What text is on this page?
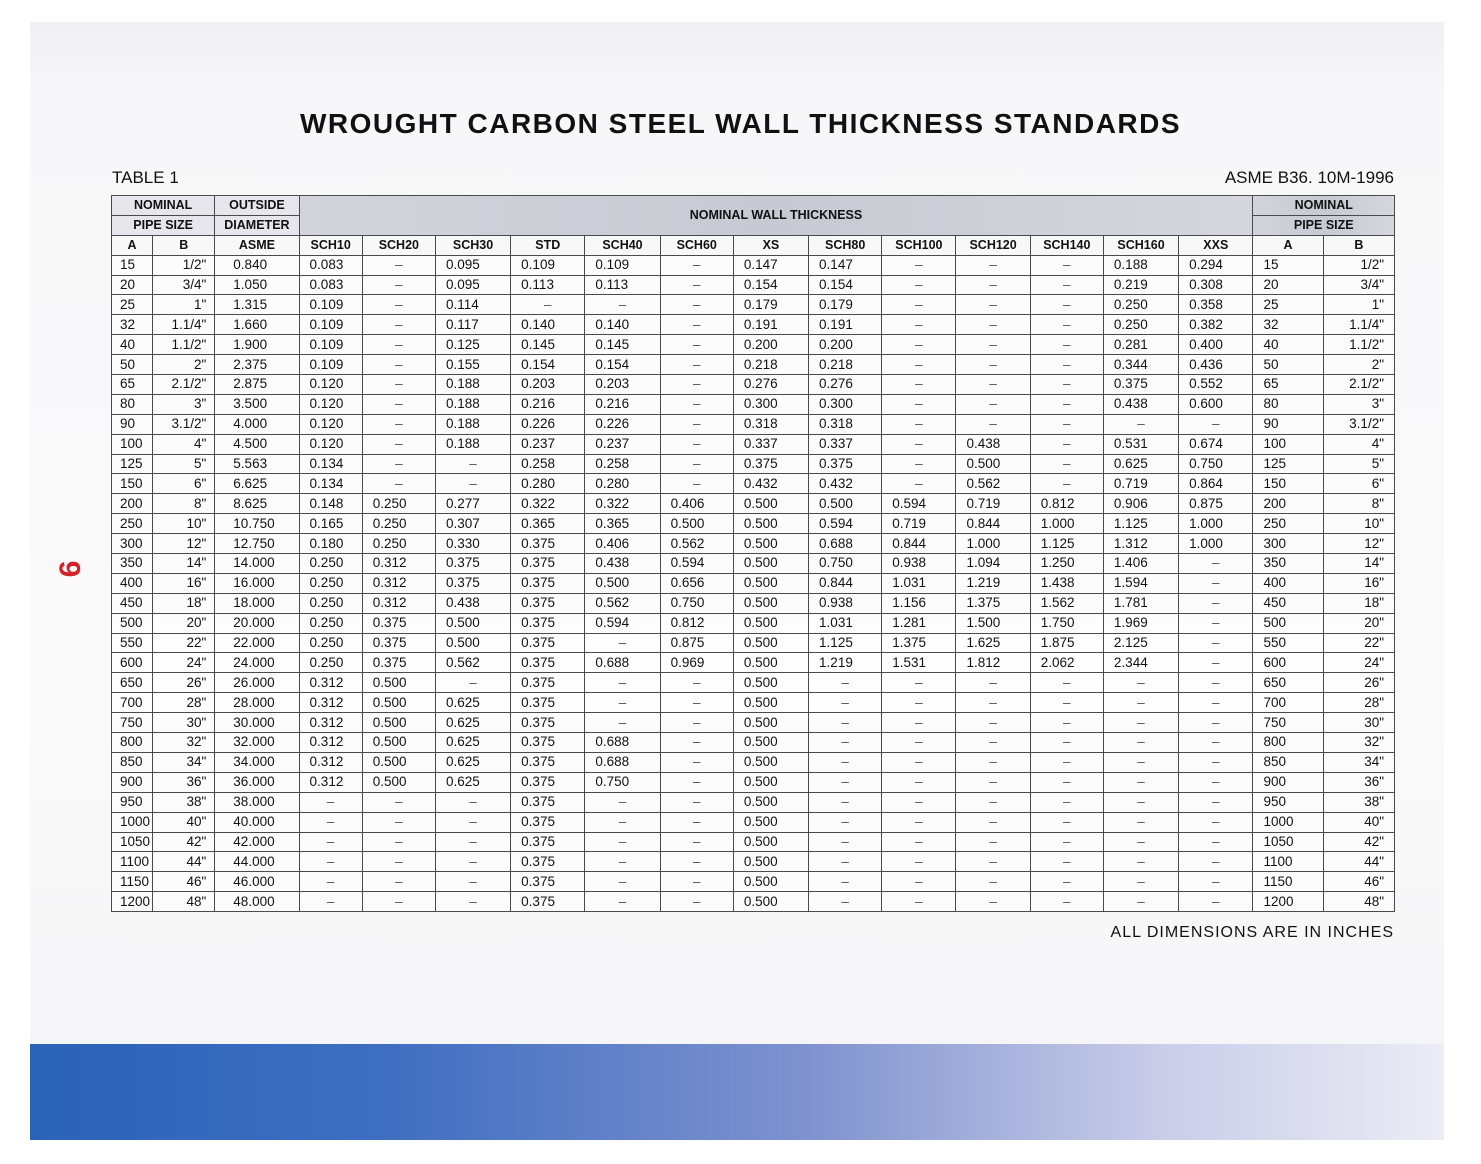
WROUGHT CARBON STEEL WALL THICKNESS STANDARDS
TABLE 1	ASME B36. 10M-1996
9
NOMINAL		OUTSIDE	NOMINAL WALL THICKNESS													NOMINAL	
PIPE SIZE		DIAMETER														PIPE SIZE	
A	B	ASME	SCH10	SCH20	SCH30	STD	SCH40	SCH60	XS	SCH80	SCH100	SCH120	SCH140	SCH160	XXS	A	B
15	1/2"	0.840	0.083	–	0.095	0.109	0.109	–	0.147	0.147	–	–	–	0.188	0.294	15	1/2"
20	3/4"	1.050	0.083	–	0.095	0.113	0.113	–	0.154	0.154	–	–	–	0.219	0.308	20	3/4"
25	1"	1.315	0.109	–	0.114	–	–	–	0.179	0.179	–	–	–	0.250	0.358	25	1"
32	1.1/4"	1.660	0.109	–	0.117	0.140	0.140	–	0.191	0.191	–	–	–	0.250	0.382	32	1.1/4"
40	1.1/2"	1.900	0.109	–	0.125	0.145	0.145	–	0.200	0.200	–	–	–	0.281	0.400	40	1.1/2"
50	2"	2.375	0.109	–	0.155	0.154	0.154	–	0.218	0.218	–	–	–	0.344	0.436	50	2"
65	2.1/2"	2.875	0.120	–	0.188	0.203	0.203	–	0.276	0.276	–	–	–	0.375	0.552	65	2.1/2"
80	3"	3.500	0.120	–	0.188	0.216	0.216	–	0.300	0.300	–	–	–	0.438	0.600	80	3"
90	3.1/2"	4.000	0.120	–	0.188	0.226	0.226	–	0.318	0.318	–	–	–	–	–	90	3.1/2"
100	4"	4.500	0.120	–	0.188	0.237	0.237	–	0.337	0.337	–	0.438	–	0.531	0.674	100	4"
125	5"	5.563	0.134	–	–	0.258	0.258	–	0.375	0.375	–	0.500	–	0.625	0.750	125	5"
150	6"	6.625	0.134	–	–	0.280	0.280	–	0.432	0.432	–	0.562	–	0.719	0.864	150	6"
200	8"	8.625	0.148	0.250	0.277	0.322	0.322	0.406	0.500	0.500	0.594	0.719	0.812	0.906	0.875	200	8"
250	10"	10.750	0.165	0.250	0.307	0.365	0.365	0.500	0.500	0.594	0.719	0.844	1.000	1.125	1.000	250	10"
300	12"	12.750	0.180	0.250	0.330	0.375	0.406	0.562	0.500	0.688	0.844	1.000	1.125	1.312	1.000	300	12"
350	14"	14.000	0.250	0.312	0.375	0.375	0.438	0.594	0.500	0.750	0.938	1.094	1.250	1.406	–	350	14"
400	16"	16.000	0.250	0.312	0.375	0.375	0.500	0.656	0.500	0.844	1.031	1.219	1.438	1.594	–	400	16"
450	18"	18.000	0.250	0.312	0.438	0.375	0.562	0.750	0.500	0.938	1.156	1.375	1.562	1.781	–	450	18"
500	20"	20.000	0.250	0.375	0.500	0.375	0.594	0.812	0.500	1.031	1.281	1.500	1.750	1.969	–	500	20"
550	22"	22.000	0.250	0.375	0.500	0.375	–	0.875	0.500	1.125	1.375	1.625	1.875	2.125	–	550	22"
600	24"	24.000	0.250	0.375	0.562	0.375	0.688	0.969	0.500	1.219	1.531	1.812	2.062	2.344	–	600	24"
650	26"	26.000	0.312	0.500	–	0.375	–	–	0.500	–	–	–	–	–	–	650	26"
700	28"	28.000	0.312	0.500	0.625	0.375	–	–	0.500	–	–	–	–	–	–	700	28"
750	30"	30.000	0.312	0.500	0.625	0.375	–	–	0.500	–	–	–	–	–	–	750	30"
800	32"	32.000	0.312	0.500	0.625	0.375	0.688	–	0.500	–	–	–	–	–	–	800	32"
850	34"	34.000	0.312	0.500	0.625	0.375	0.688	–	0.500	–	–	–	–	–	–	850	34"
900	36"	36.000	0.312	0.500	0.625	0.375	0.750	–	0.500	–	–	–	–	–	–	900	36"
950	38"	38.000	–	–	–	0.375	–	–	0.500	–	–	–	–	–	–	950	38"
1000	40"	40.000	–	–	–	0.375	–	–	0.500	–	–	–	–	–	–	1000	40"
1050	42"	42.000	–	–	–	0.375	–	–	0.500	–	–	–	–	–	–	1050	42"
1100	44"	44.000	–	–	–	0.375	–	–	0.500	–	–	–	–	–	–	1100	44"
1150	46"	46.000	–	–	–	0.375	–	–	0.500	–	–	–	–	–	–	1150	46"
1200	48"	48.000	–	–	–	0.375	–	–	0.500	–	–	–	–	–	–	1200	48"
ALL DIMENSIONS ARE IN INCHES
